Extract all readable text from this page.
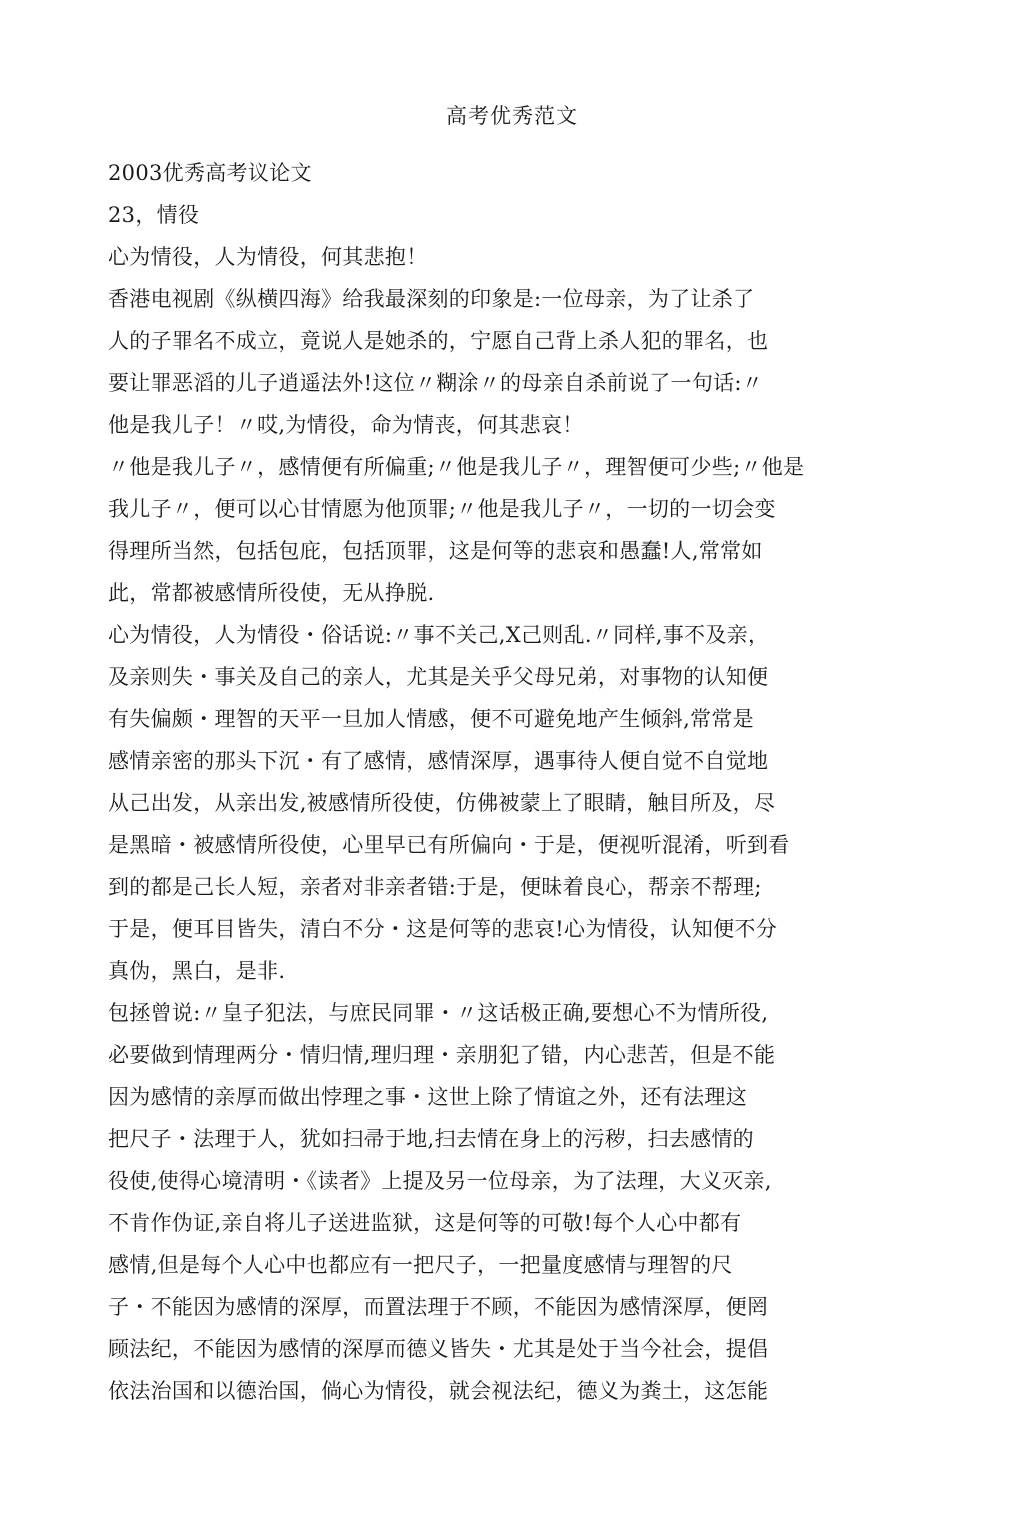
高考优秀范文
2003优秀高考议论文
23，情役
心为情役，人为情役，何其悲抱！
香港电视剧《纵横四海》给我最深刻的印象是:一位母亲，为了让杀了
人的子罪名不成立，竟说人是她杀的，宁愿自己背上杀人犯的罪名，也
要让罪恶滔的儿子逍遥法外!这位〃糊涂〃的母亲自杀前说了一句话:〃
他是我儿子！〃哎,为情役，命为情丧，何其悲哀！
〃他是我儿子〃，感情便有所偏重;〃他是我儿子〃，理智便可少些;〃他是
我儿子〃，便可以心甘情愿为他顶罪;〃他是我儿子〃，一切的一切会变
得理所当然，包括包庇，包括顶罪，这是何等的悲哀和愚蠢!人,常常如
此，常都被感情所役使，无从挣脱.
心为情役，人为情役・俗话说:〃事不关己,X己则乱.〃同样,事不及亲，
及亲则失・事关及自己的亲人，尤其是关乎父母兄弟，对事物的认知便
有失偏颇・理智的天平一旦加人情感，便不可避免地产生倾斜,常常是
感情亲密的那头下沉・有了感情，感情深厚，遇事待人便自觉不自觉地
从己出发，从亲出发,被感情所役使，仿佛被蒙上了眼睛，触目所及，尽
是黑暗・被感情所役使，心里早已有所偏向・于是，便视听混淆，听到看
到的都是己长人短，亲者对非亲者错:于是，便昧着良心，帮亲不帮理;
于是，便耳目皆失，清白不分・这是何等的悲哀!心为情役，认知便不分
真伪，黑白，是非.
包拯曾说:〃皇子犯法，与庶民同罪・〃这话极正确,要想心不为情所役,
必要做到情理两分・情归情,理归理・亲朋犯了错，内心悲苦，但是不能
因为感情的亲厚而做出悖理之事・这世上除了情谊之外，还有法理这
把尺子・法理于人，犹如扫帚于地,扫去情在身上的污秽，扫去感情的
役使,使得心境清明・《读者》上提及另一位母亲，为了法理，大义灭亲,
不肯作伪证,亲自将儿子送进监狱，这是何等的可敬!每个人心中都有
感情,但是每个人心中也都应有一把尺子，一把量度感情与理智的尺
子・不能因为感情的深厚，而置法理于不顾，不能因为感情深厚，便罔
顾法纪，不能因为感情的深厚而德义皆失・尤其是处于当今社会，提倡
依法治国和以德治国，倘心为情役，就会视法纪，德义为粪土，这怎能
